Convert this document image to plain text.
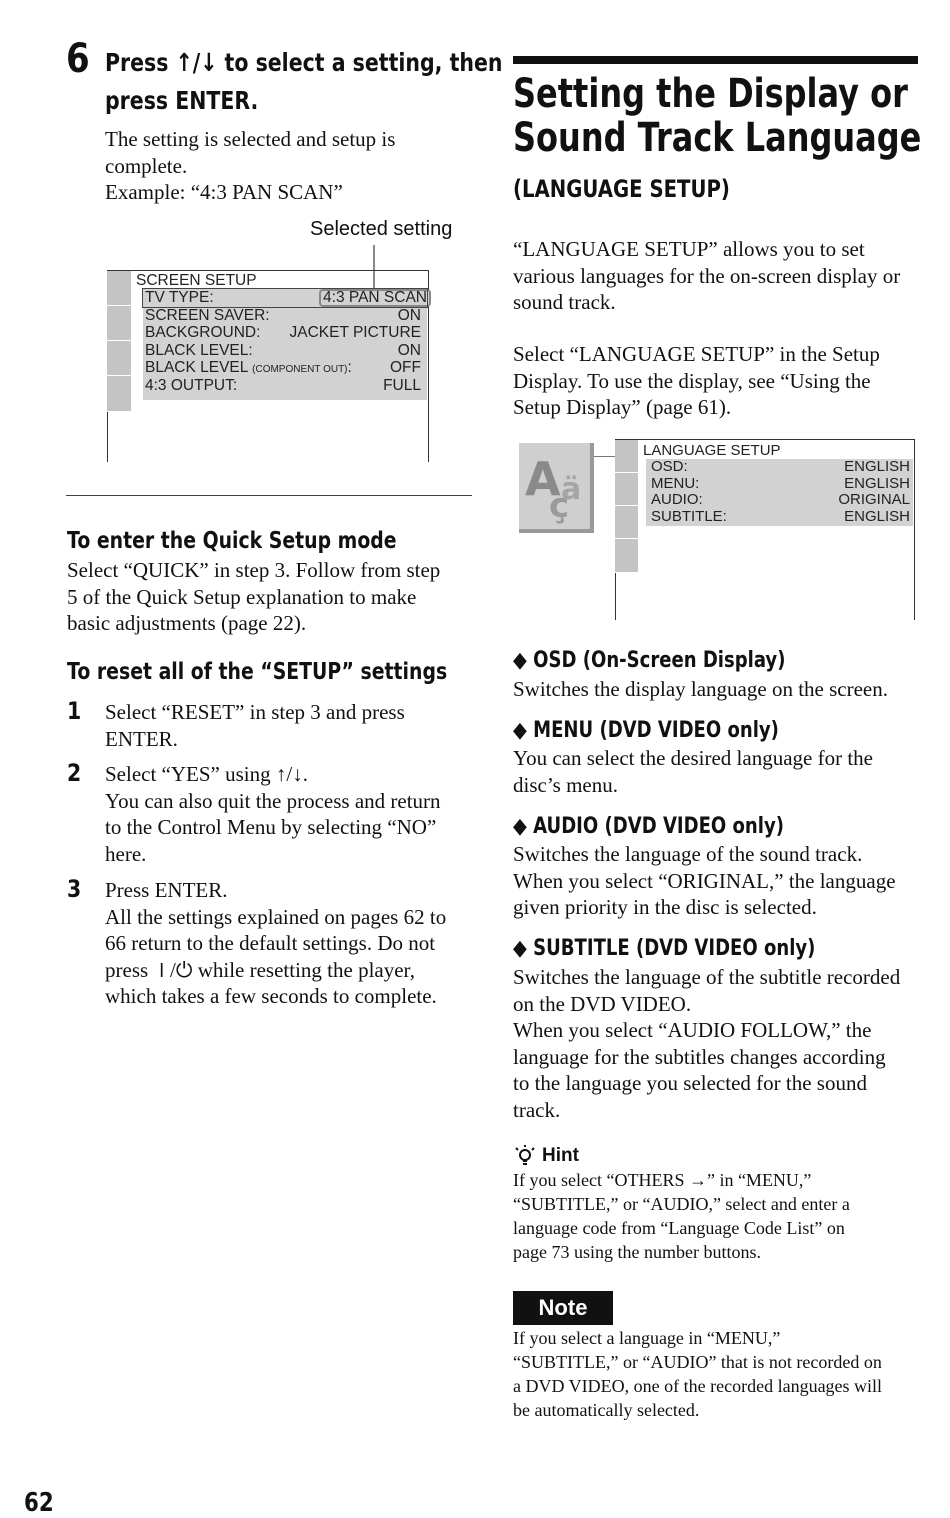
6 Press ↑/↓ to select a setting, then
press ENTER.
The setting is selected and setup is
complete.
Example: “4:3 PAN SCAN”
Selected setting
SCREEN SETUP
TV TYPE:	4:3 PAN SCAN
SCREEN SAVER:	ON
BACKGROUND: JACKET PICTURE
BLACK LEVEL:	ON
BLACK LEVEL (COMPONENT OUT): OFF
4:3 OUTPUT:	FULL
To enter the Quick Setup mode
Select “QUICK” in step 3. Follow from step
5 of the Quick Setup explanation to make
basic adjustments (page 22).
To reset all of the “SETUP” settings
1 Select “RESET” in step 3 and press
ENTER.
2 Select “YES” using ↑/↓.
You can also quit the process and return
to the Control Menu by selecting “NO”
here.
3 Press ENTER.
All the settings explained on pages 62 to
66 return to the default settings. Do not
press ⏽/⏻ while resetting the player,
which takes a few seconds to complete.
Setting the Display or
Sound Track Language
(LANGUAGE SETUP)
“LANGUAGE SETUP” allows you to set
various languages for the on-screen display or
sound track.
Select “LANGUAGE SETUP” in the Setup
Display. To use the display, see “Using the
Setup Display” (page 61).
A
ç
ä
LANGUAGE SETUP
OSD:	ENGLISH
MENU:	ENGLISH
AUDIO:	ORIGINAL
SUBTITLE:	ENGLISH
◆ OSD (On-Screen Display)
Switches the display language on the screen.
◆ MENU (DVD VIDEO only)
You can select the desired language for the
disc’s menu.
◆ AUDIO (DVD VIDEO only)
Switches the language of the sound track.
When you select “ORIGINAL,” the language
given priority in the disc is selected.
◆ SUBTITLE (DVD VIDEO only)
Switches the language of the subtitle recorded
on the DVD VIDEO.
When you select “AUDIO FOLLOW,” the
language for the subtitles changes according
to the language you selected for the sound
track.
Hint
If you select “OTHERS →” in “MENU,”
“SUBTITLE,” or “AUDIO,” select and enter a
language code from “Language Code List” on
page 73 using the number buttons.
Note
If you select a language in “MENU,”
“SUBTITLE,” or “AUDIO” that is not recorded on
a DVD VIDEO, one of the recorded languages will
be automatically selected.
62
